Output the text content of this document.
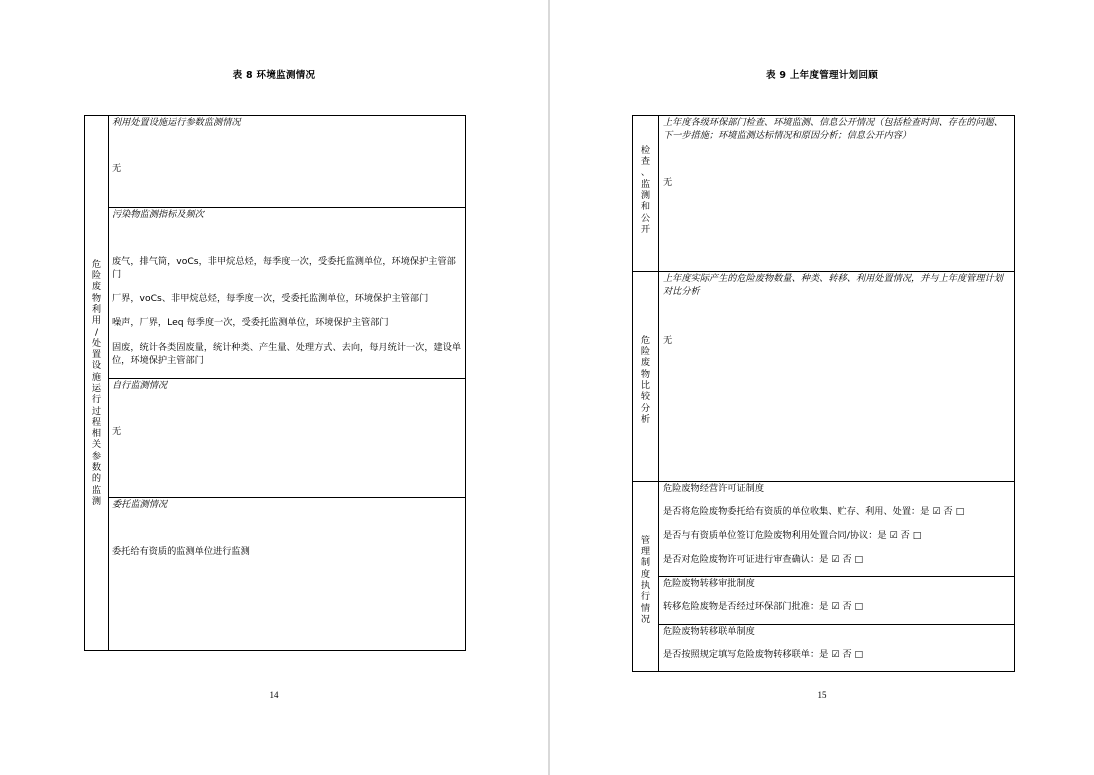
表 8 环境监测情况
危
险
废
物
利
用
/
处
置
设
施
运
行
过
程
相
关
参
数
的
监
测
利用处置设施运行参数监测情况
无
污染物监测指标及频次
废气，排气筒，voCs，非甲烷总烃，每季度一次，受委托监测单位，环境保护主管部门
厂界，voCs、非甲烷总烃，每季度一次，受委托监测单位，环境保护主管部门
噪声，厂界，Leq 每季度一次，受委托监测单位，环境保护主管部门
固废，统计各类固废量，统计种类、产生量、处理方式、去向，每月统计一次，建设单位，环境保护主管部门
自行监测情况
无
委托监测情况
委托给有资质的监测单位进行监测
14
表 9 上年度管理计划回顾
检
查
、
监
测
和
公
开
危
险
废
物
比
较
分
析
管
理
制
度
执
行
情
况
上年度各级环保部门检查、环境监测、信息公开情况（包括检查时间、存在的问题、下一步措施；环境监测达标情况和原因分析；信息公开内容）
无
上年度实际产生的危险废物数量、种类、转移、利用处置情况，并与上年度管理计划对比分析
无
危险废物经营许可证制度
是否将危险废物委托给有资质的单位收集、贮存、利用、处置：是 ☑ 否 □
是否与有资质单位签订危险废物利用处置合同/协议：是 ☑ 否 □
是否对危险废物许可证进行审查确认：是 ☑ 否 □
危险废物转移审批制度
转移危险废物是否经过环保部门批准：是 ☑ 否 □
危险废物转移联单制度
是否按照规定填写危险废物转移联单：是 ☑ 否 □
15
